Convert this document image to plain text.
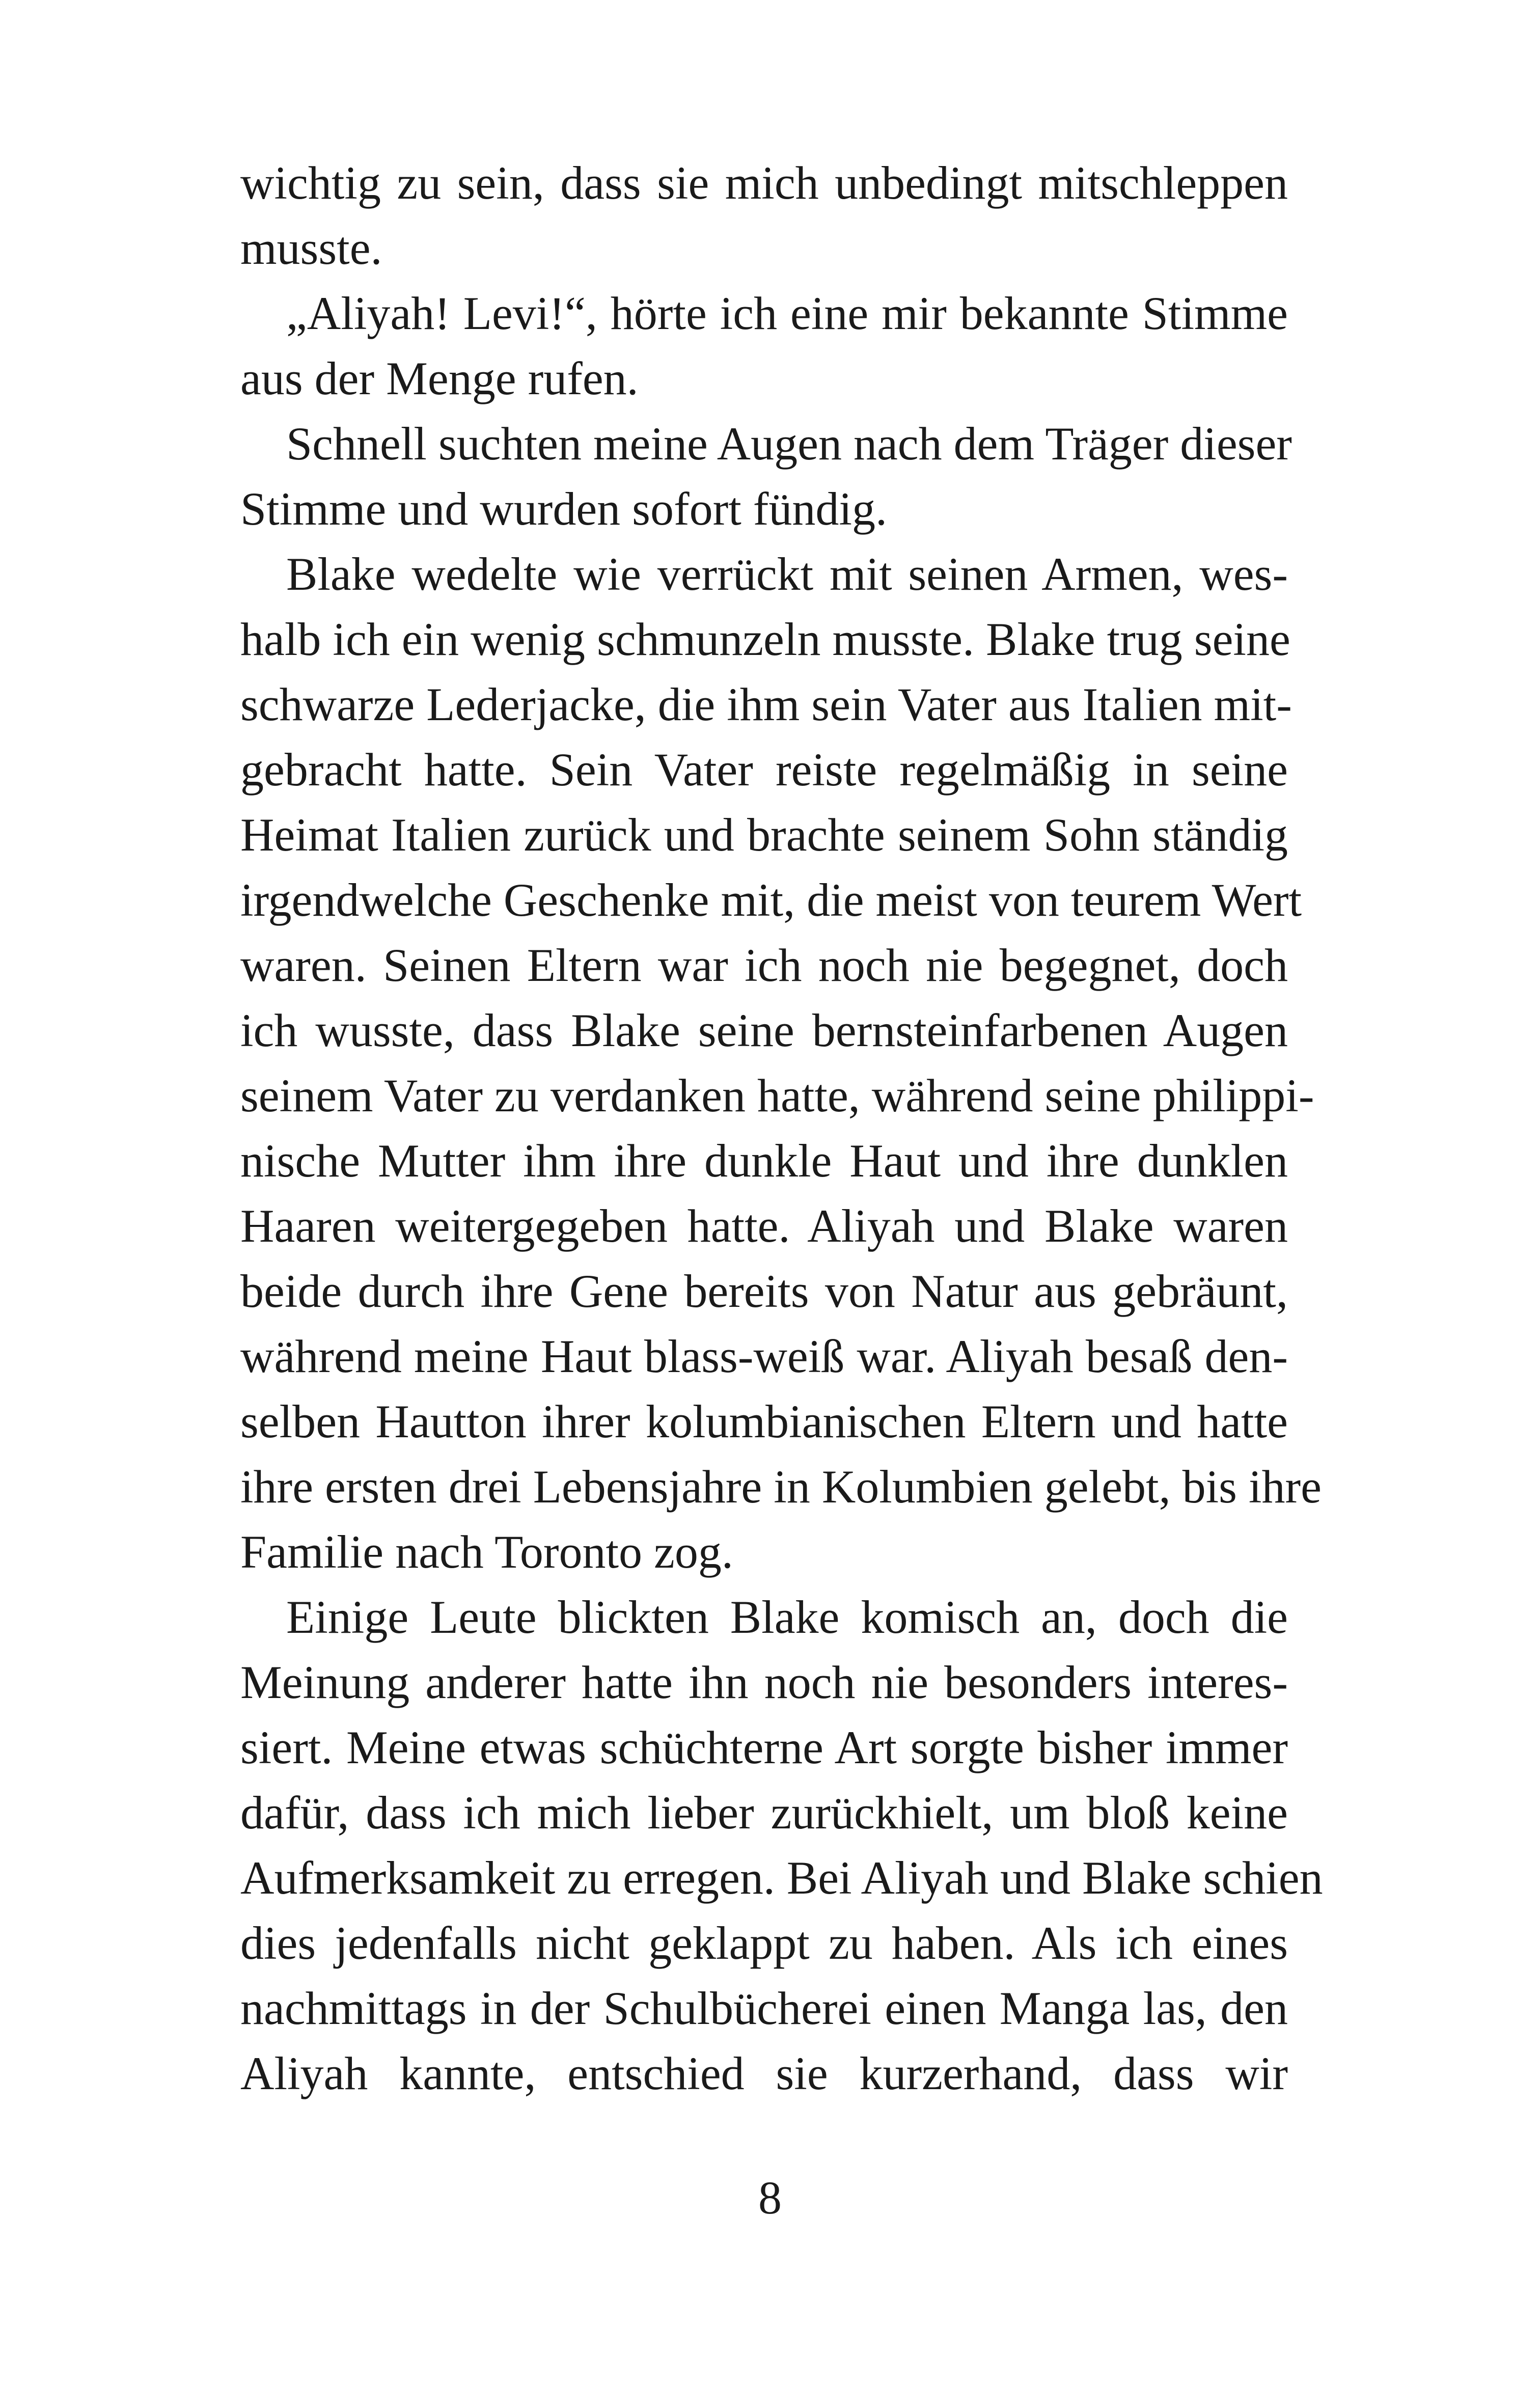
wichtig zu sein, dass sie mich unbedingt mitschleppen
musste.
„Aliyah! Levi!“, hörte ich eine mir bekannte Stimme
aus der Menge rufen.
Schnell suchten meine Augen nach dem Träger dieser
Stimme und wurden sofort fündig.
Blake wedelte wie verrückt mit seinen Armen, wes-
halb ich ein wenig schmunzeln musste. Blake trug seine
schwarze Lederjacke, die ihm sein Vater aus Italien mit-
gebracht hatte. Sein Vater reiste regelmäßig in seine
Heimat Italien zurück und brachte seinem Sohn ständig
irgendwelche Geschenke mit, die meist von teurem Wert
waren. Seinen Eltern war ich noch nie begegnet, doch
ich wusste, dass Blake seine bernsteinfarbenen Augen
seinem Vater zu verdanken hatte, während seine philippi-
nische Mutter ihm ihre dunkle Haut und ihre dunklen
Haaren weitergegeben hatte. Aliyah und Blake waren
beide durch ihre Gene bereits von Natur aus gebräunt,
während meine Haut blass-weiß war. Aliyah besaß den-
selben Hautton ihrer kolumbianischen Eltern und hatte
ihre ersten drei Lebensjahre in Kolumbien gelebt, bis ihre
Familie nach Toronto zog.
Einige Leute blickten Blake komisch an, doch die
Meinung anderer hatte ihn noch nie besonders interes-
siert. Meine etwas schüchterne Art sorgte bisher immer
dafür, dass ich mich lieber zurückhielt, um bloß keine
Aufmerksamkeit zu erregen. Bei Aliyah und Blake schien
dies jedenfalls nicht geklappt zu haben. Als ich eines
nachmittags in der Schulbücherei einen Manga las, den
Aliyah kannte, entschied sie kurzerhand, dass wir
8
